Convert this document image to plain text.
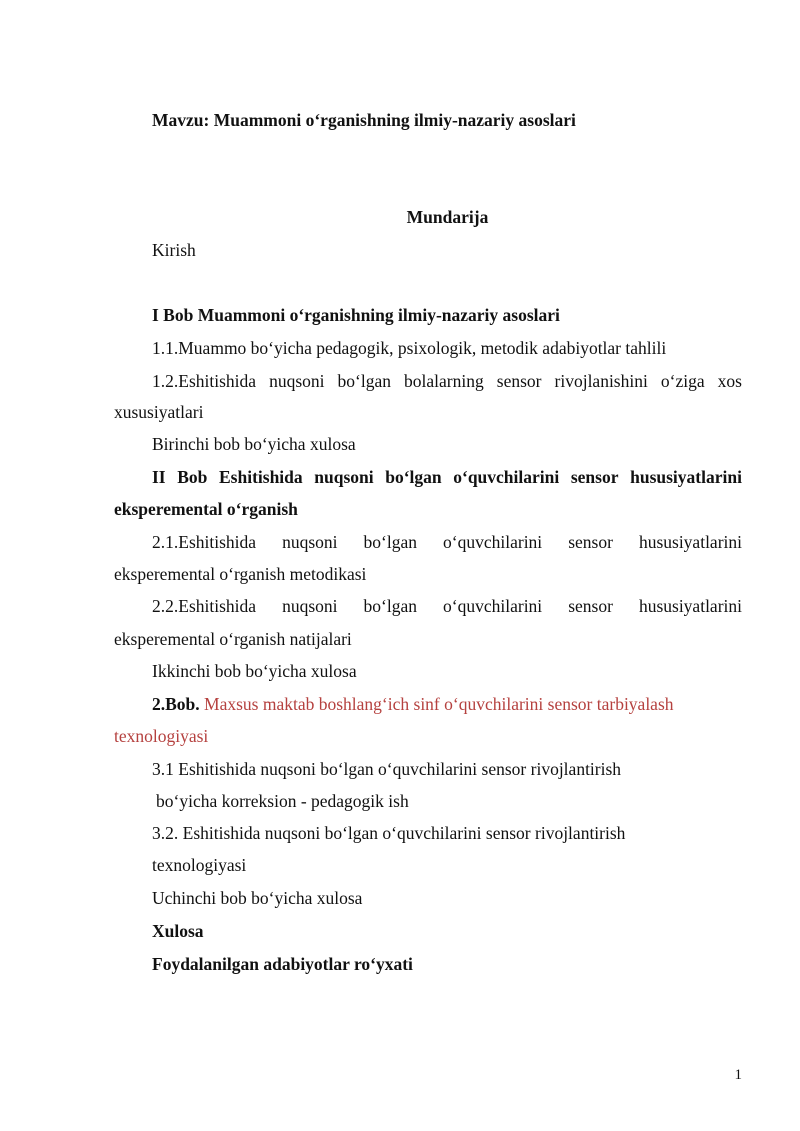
Mavzu: Muammoni o‘rganishning ilmiy-nazariy asoslari

Mundarija

Kirish

I Bob Muammoni o‘rganishning ilmiy-nazariy asoslari

1.1.Muammo bo‘yicha pedagogik, psixologik, metodik adabiyotlar tahlili

1.2.Eshitishida nuqsoni bo‘lgan bolalarning sensor rivojlanishini o‘ziga xos

xususiyatlari

Birinchi bob bo‘yicha xulosa

II Bob Eshitishida nuqsoni bo‘lgan o‘quvchilarini sensor hususiyatlarini

eksperemental o‘rganish

2.1.Eshitishida nuqsoni bo‘lgan o‘quvchilarini sensor hususiyatlarini

eksperemental o‘rganish metodikasi

2.2.Eshitishida nuqsoni bo‘lgan o‘quvchilarini sensor hususiyatlarini

eksperemental o‘rganish natijalari

Ikkinchi bob bo‘yicha xulosa

2.Bob. Maxsus maktab boshlang‘ich sinf o‘quvchilarini sensor tarbiyalash

texnologiyasi

3.1 Eshitishida nuqsoni bo‘lgan o‘quvchilarini sensor rivojlantirish

bo‘yicha korreksion - pedagogik ish

3.2. Eshitishida nuqsoni bo‘lgan o‘quvchilarini sensor rivojlantirish

texnologiyasi

Uchinchi bob bo‘yicha xulosa

Xulosa

Foydalanilgan adabiyotlar ro‘yxati

1
